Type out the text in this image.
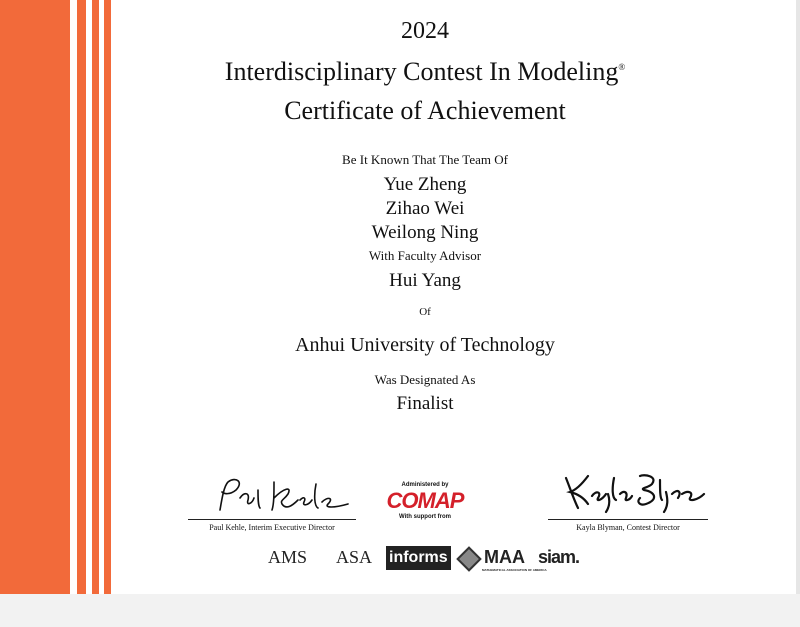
2024
Interdisciplinary Contest In Modeling®
Certificate of Achievement
Be It Known That The Team Of
Yue Zheng
Zihao Wei
Weilong Ning
With Faculty Advisor
Hui Yang
Of
Anhui University of Technology
Was Designated As
Finalist
Paul Kehle, Interim Executive Director	Kayla Blyman, Contest Director
Administered by
COMAP
With support from
AMS ASA informs MAA
MATHEMATICAL ASSOCIATION OF AMERICA
siam.
